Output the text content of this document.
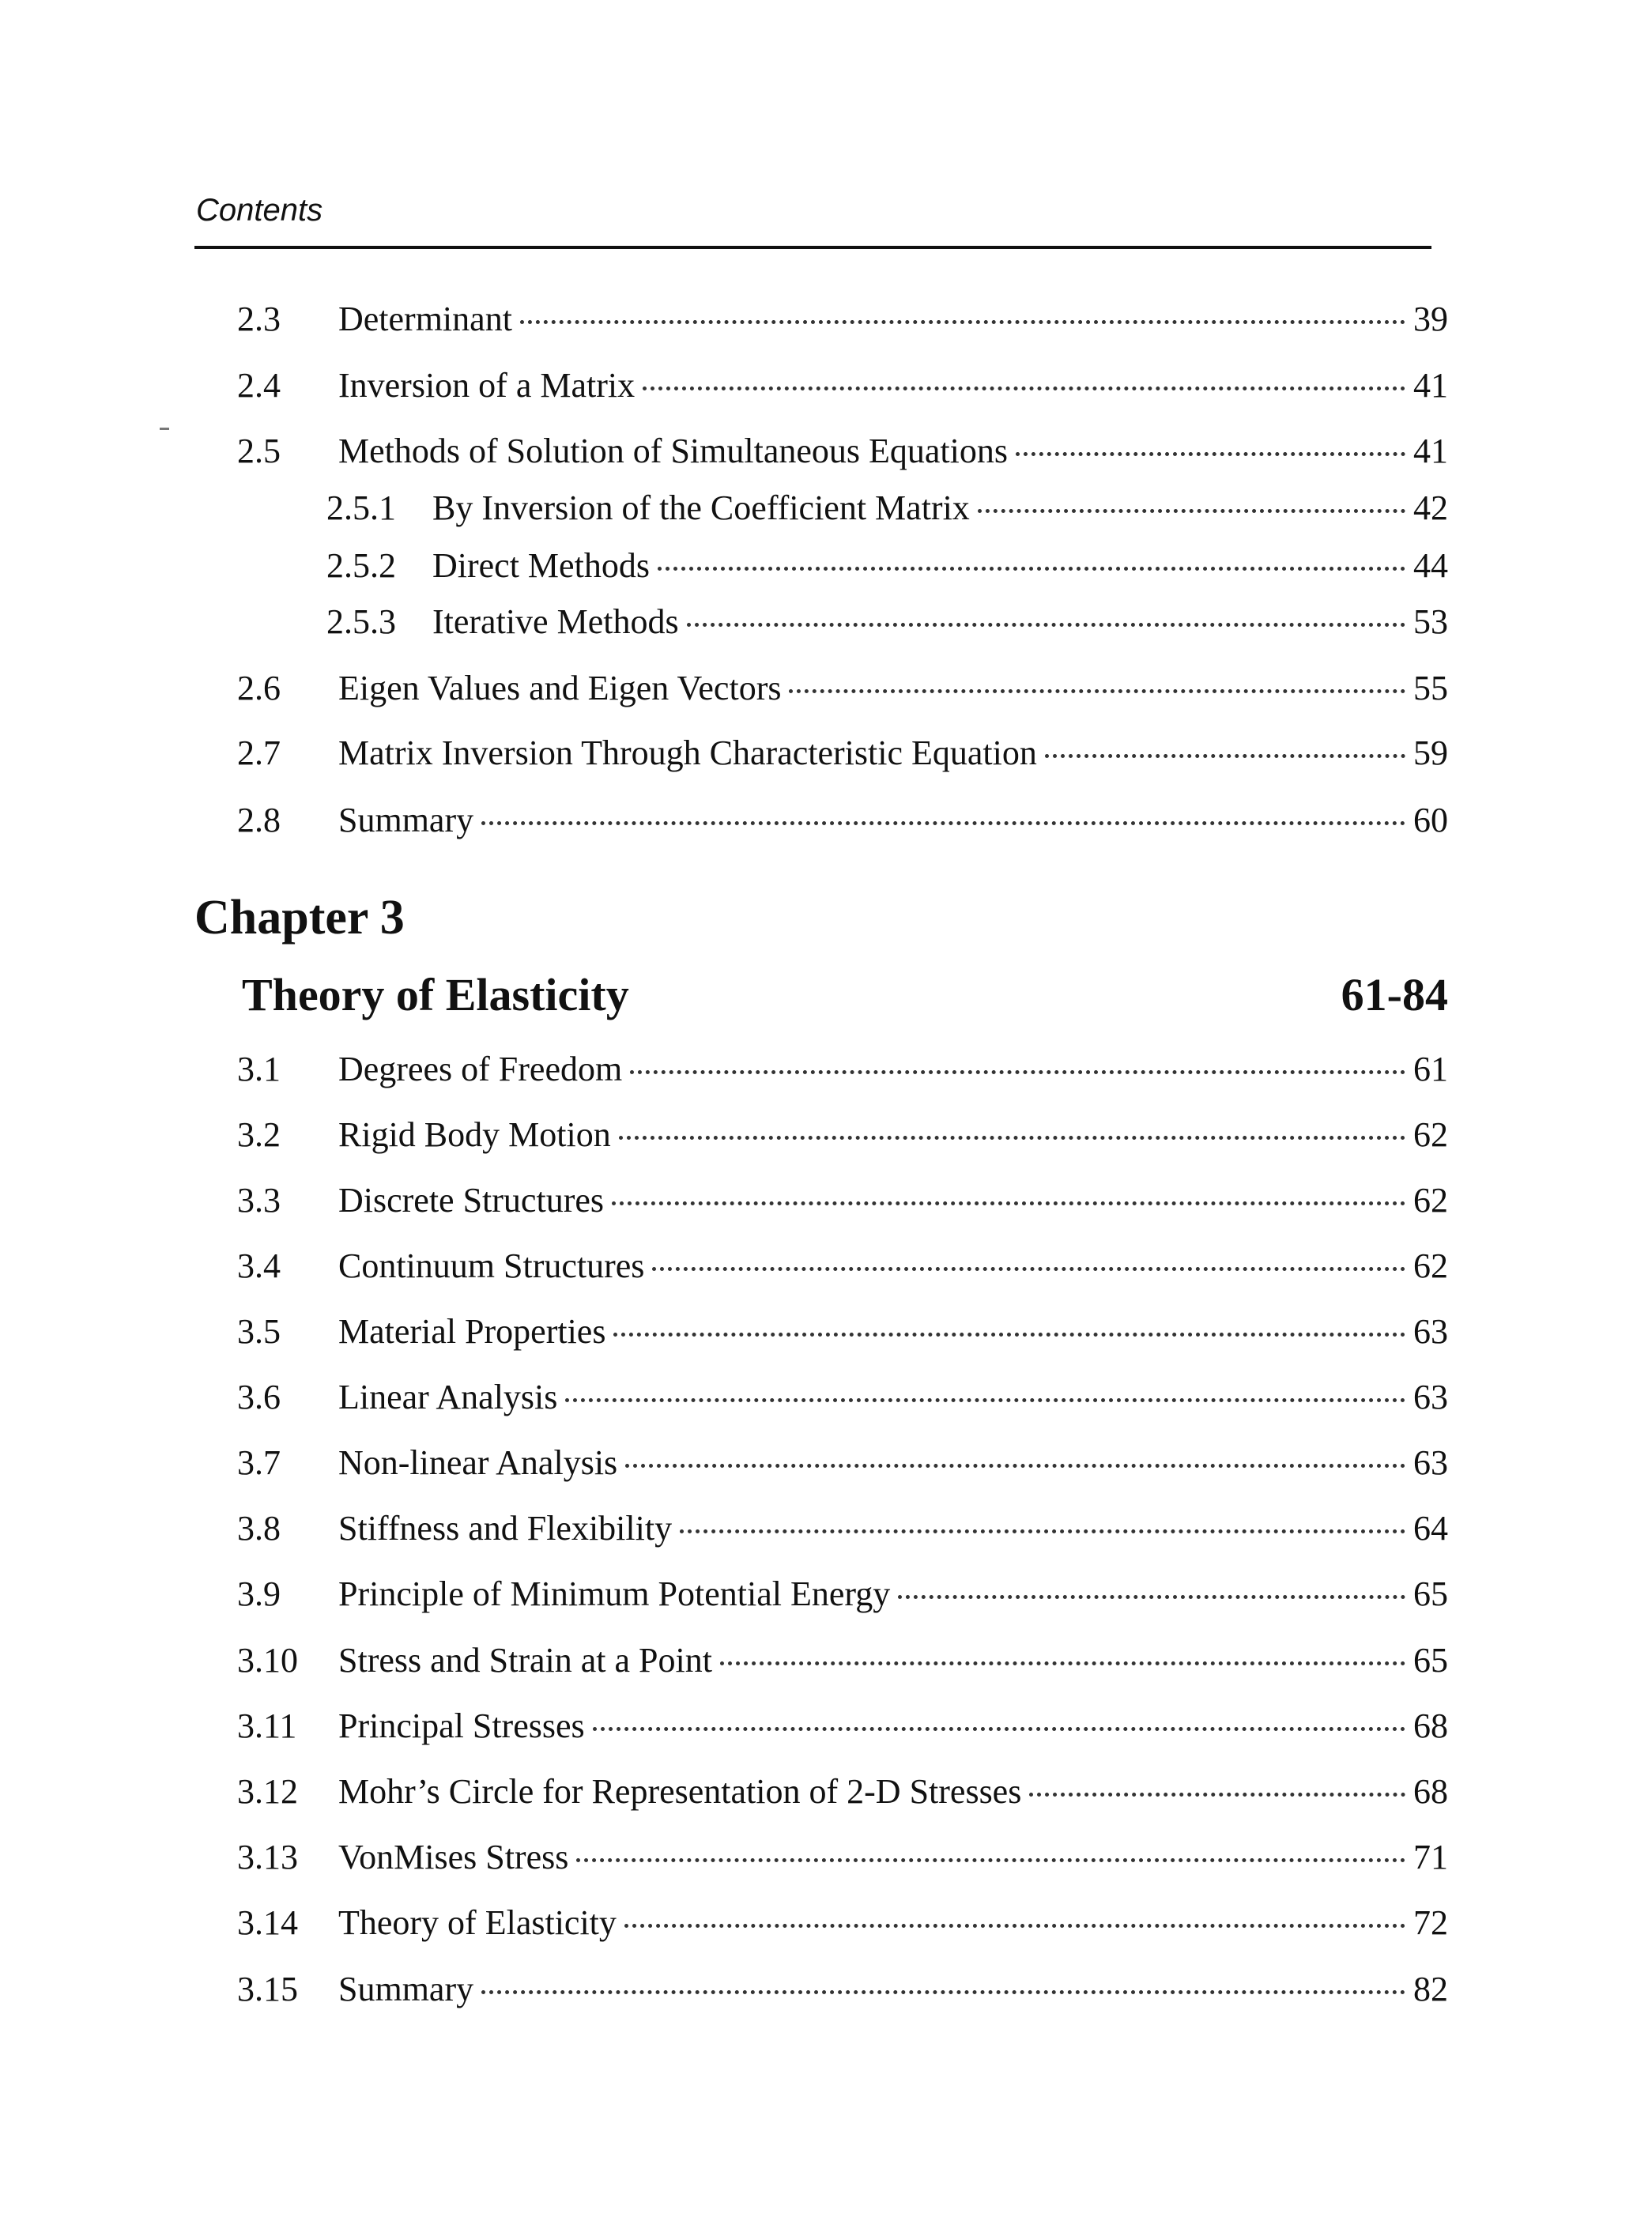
Contents
2.3	Determinant	39
2.4	Inversion of a Matrix	41
2.5	Methods of Solution of Simultaneous Equations	41
2.5.1 By Inversion of the Coefficient Matrix	42
2.5.2 Direct Methods	44
2.5.3 Iterative Methods	53
2.6	Eigen Values and Eigen Vectors	55
2.7	Matrix Inversion Through Characteristic Equation	59
2.8	Summary	60
Chapter 3
Theory of Elasticity	61-84
3.1	Degrees of Freedom	61
3.2	Rigid Body Motion	62
3.3	Discrete Structures	62
3.4	Continuum Structures	62
3.5	Material Properties	63
3.6	Linear Analysis	63
3.7	Non-linear Analysis	63
3.8	Stiffness and Flexibility	64
3.9	Principle of Minimum Potential Energy	65
3.10	Stress and Strain at a Point	65
3.11	Principal Stresses	68
3.12	Mohr’s Circle for Representation of 2-D Stresses	68
3.13	VonMises Stress	71
3.14	Theory of Elasticity	72
3.15	Summary	82
